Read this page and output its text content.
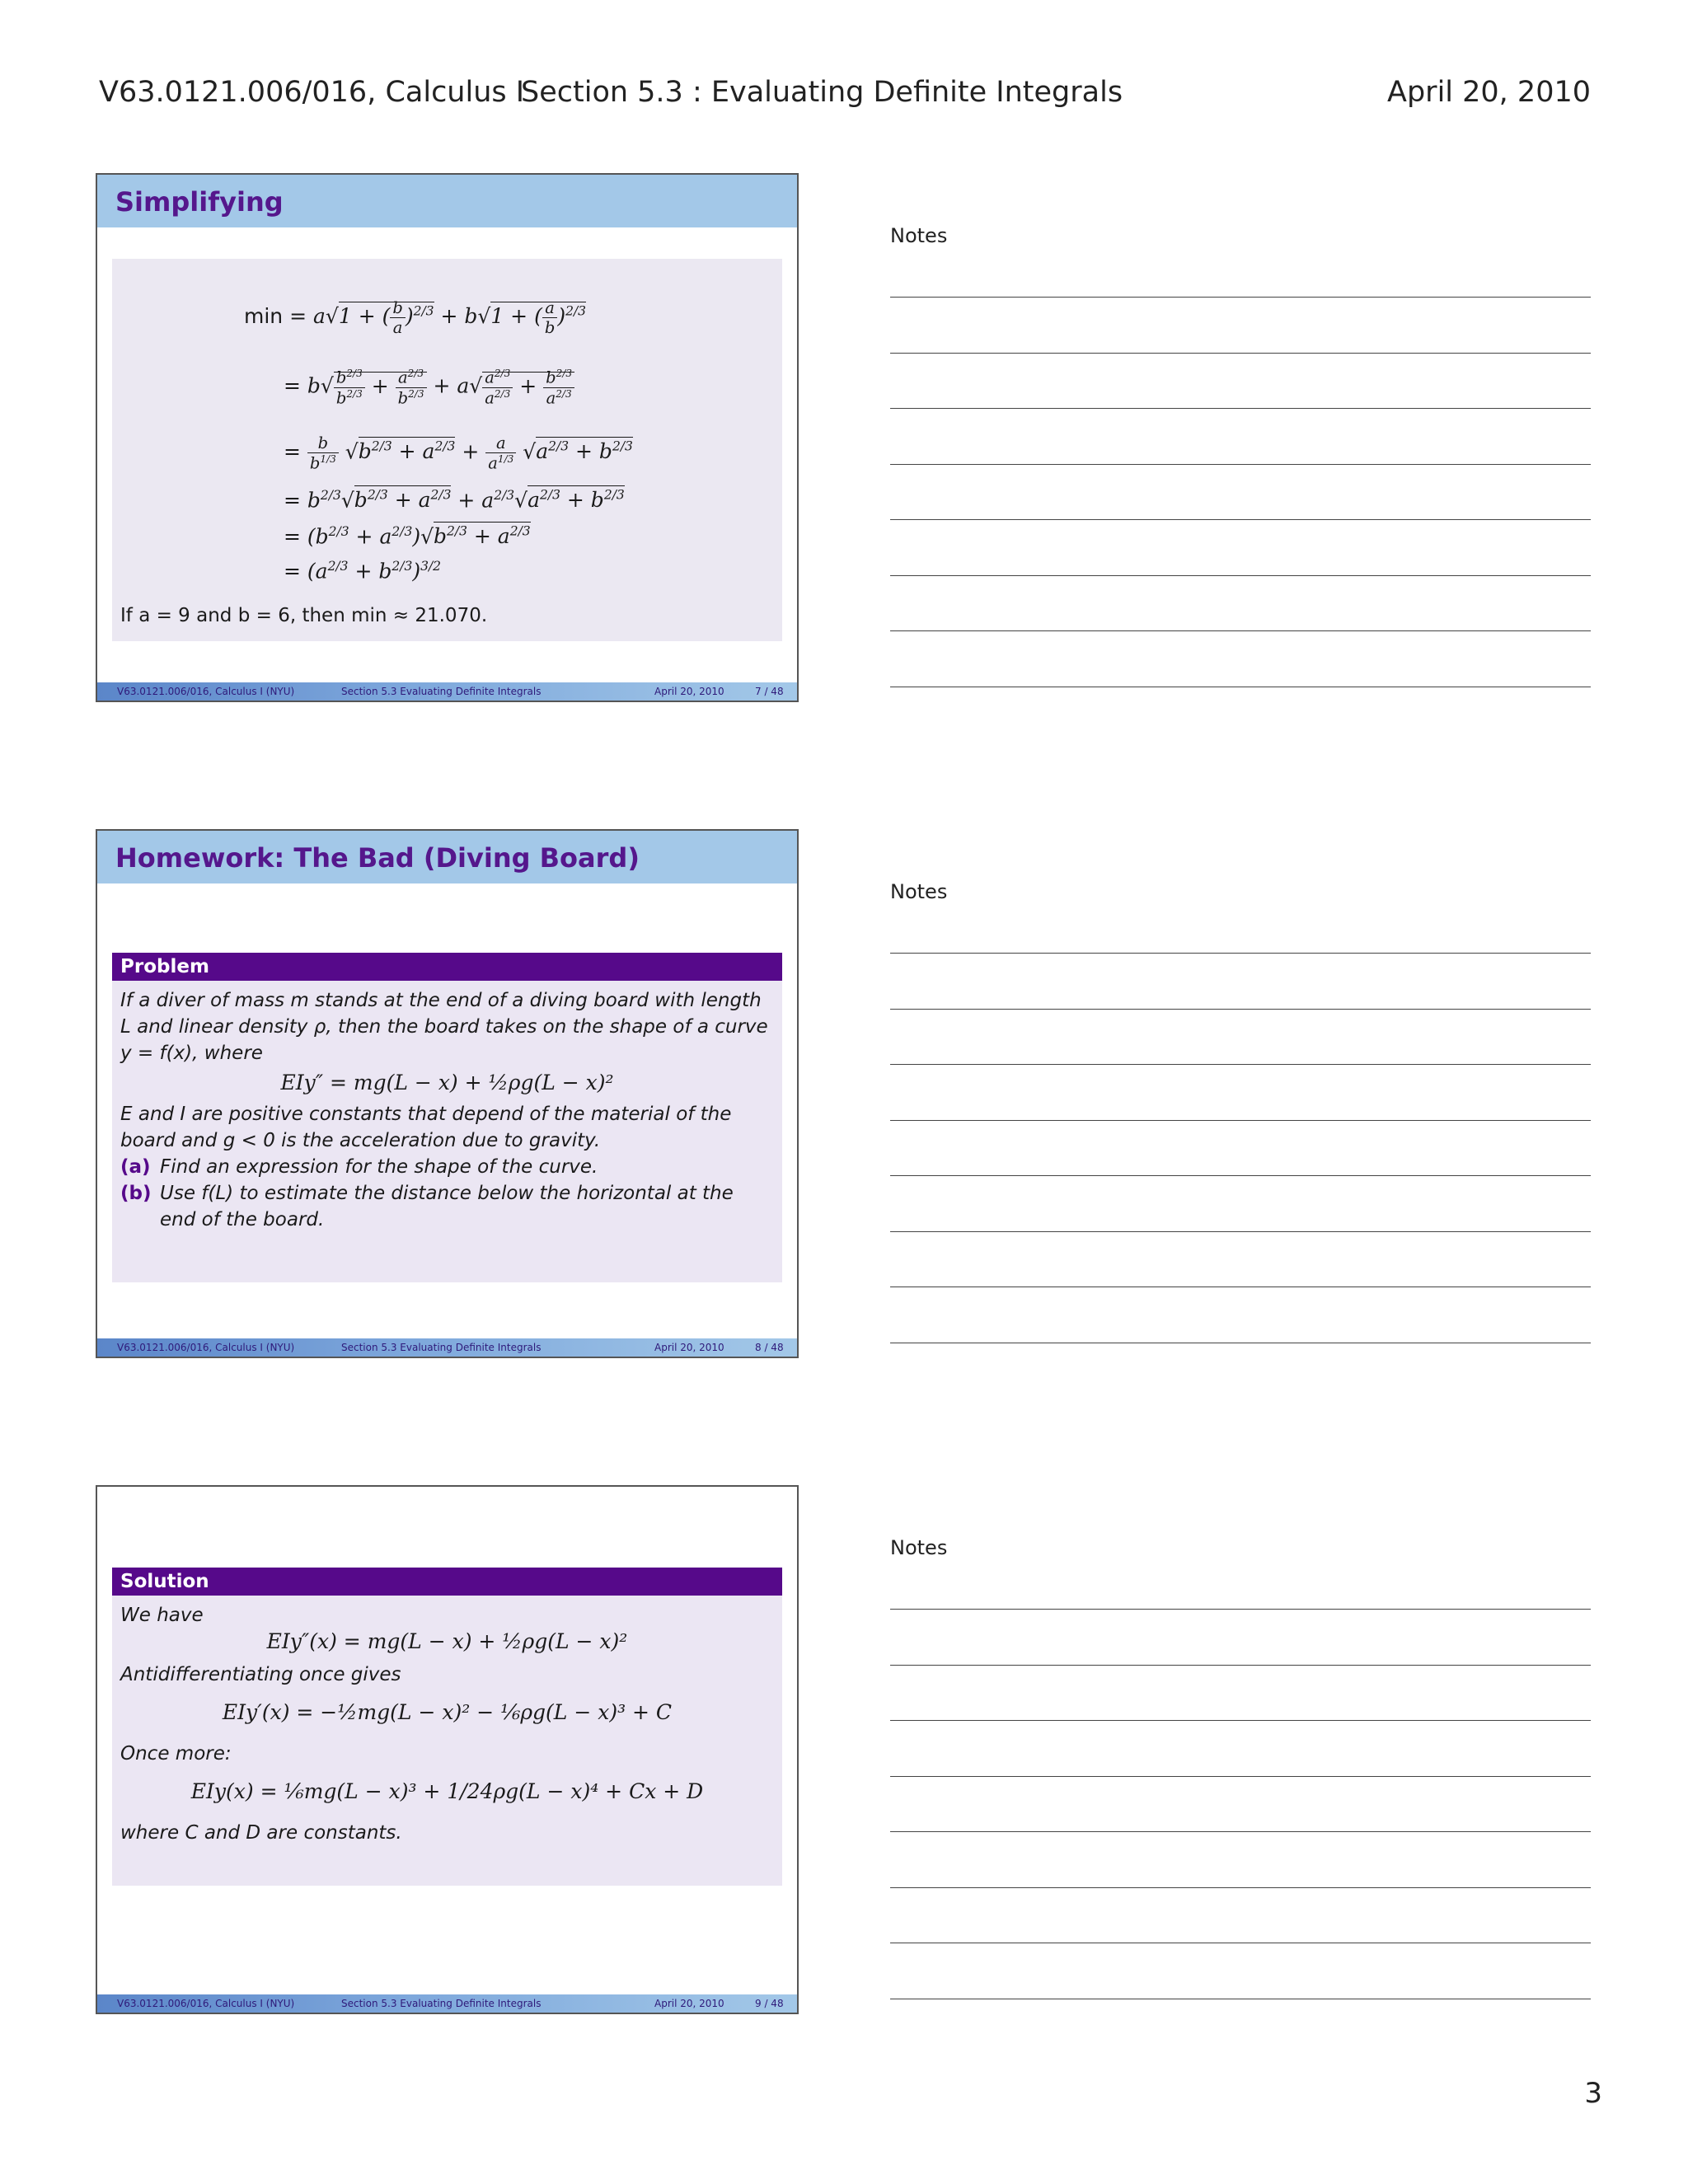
V63.0121.006/016, Calculus I
Section 5.3 : Evaluating Definite Integrals	April 20, 2010
Simplifying
min = a√1 + ( $\frac{b}{a} )^{2/3} + b√1$ + ( $\frac{a}{b} )^{2/3}$
= $b√ \frac{b^{2/3}}{b^{2/3}} + \frac{a^{2/3}}{b^{2/3}} + a√ \frac{a^{2/3}}{a^{2/3}} + \frac{b^{2/3}}{a^{2/3}}$
= $\frac{b}{b^{1/3}} √b^{2/3} + a^{2/3} + \frac{a}{a^{1/3}} √a^{2/3} + b^{2/3}$
= $b^{2/3}√b^{2/3} + a^{2/3} + a^{2/3}√a^{2/3} + b^{2/3}$
= $(b^{2/3} + a^{2/3})√b^{2/3} + a^{2/3}$
= $(a^{2/3} + b^{2/3})^{3/2}$
If a = 9 and b = 6, then min ≈ 21.070.
V63.0121.006/016, Calculus I (NYU)	Section 5.3 Evaluating Definite Integrals	April 20, 2010	7 / 48
Homework: The Bad (Diving Board)
Problem
If a diver of mass m stands at the end of a diving board with length L and linear density ρ, then the board takes on the shape of a curve y = f(x), where
EIy″ = mg(L − x) + ½ρg(L − x)²
E and I are positive constants that depend of the material of the board and g < 0 is the acceleration due to gravity.
(a) Find an expression for the shape of the curve.
(b) Use f(L) to estimate the distance below the horizontal at the end of the board.
V63.0121.006/016, Calculus I (NYU)	Section 5.3 Evaluating Definite Integrals	April 20, 2010	8 / 48
Solution
We have
EIy″(x) = mg(L − x) + ½ρg(L − x)²
Antidifferentiating once gives
EIy′(x) = −½mg(L − x)² − ⅙ρg(L − x)³ + C
Once more:
EIy(x) = ⅙mg(L − x)³ + 1/24ρg(L − x)⁴ + Cx + D
where C and D are constants.
V63.0121.006/016, Calculus I (NYU)	Section 5.3 Evaluating Definite Integrals	April 20, 2010	9 / 48
Notes
Notes
Notes
3
